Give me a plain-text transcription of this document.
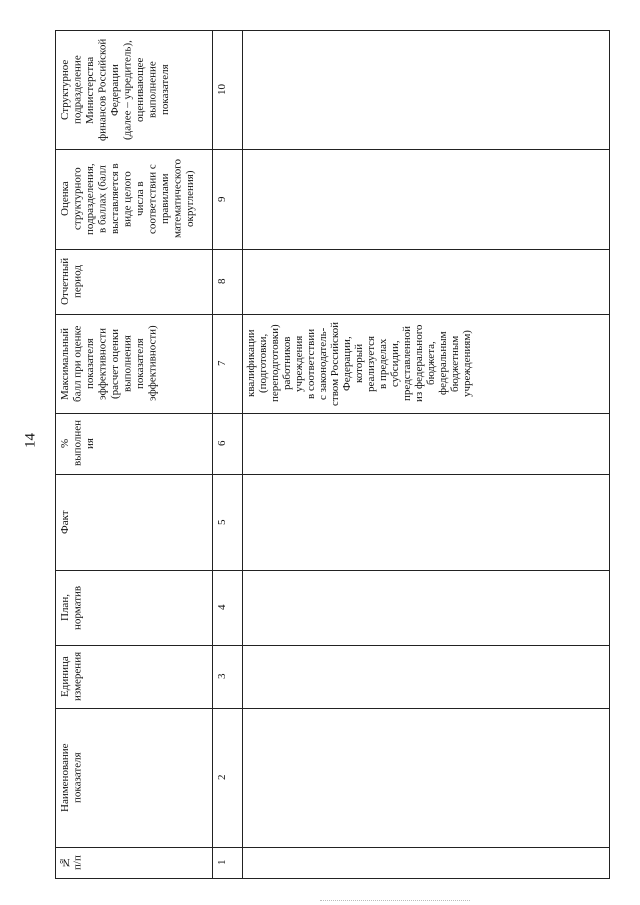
14
Структурное
подразделение
Министерства
финансов Российской
Федерации
(далее – учредитель),
оценивающее
выполнение
показателя
Оценка
структурного
подразделения,
в баллах (балл
выставляется в
виде целого
числа в
соответствии с
правилами
математического
округления)
Отчетный
период
Максимальный
балл при оценке
показателя
эффективности
(расчет оценки
выполнения
показателя
эффективности)
%
выполнен
ия
Факт
План,
норматив
Единица
измерения
Наименование
показателя
№
п/п
10
9
8
7
6
5
4
3
2
1
квалификации
(подготовки,
переподготовки)
работников
учреждения
в соответствии
с законодатель-
ством Российской
Федерации,
который
реализуется
в пределах
субсидии,
представленной
из федерального
бюджета,
федеральным
бюджетным
учреждениям)
